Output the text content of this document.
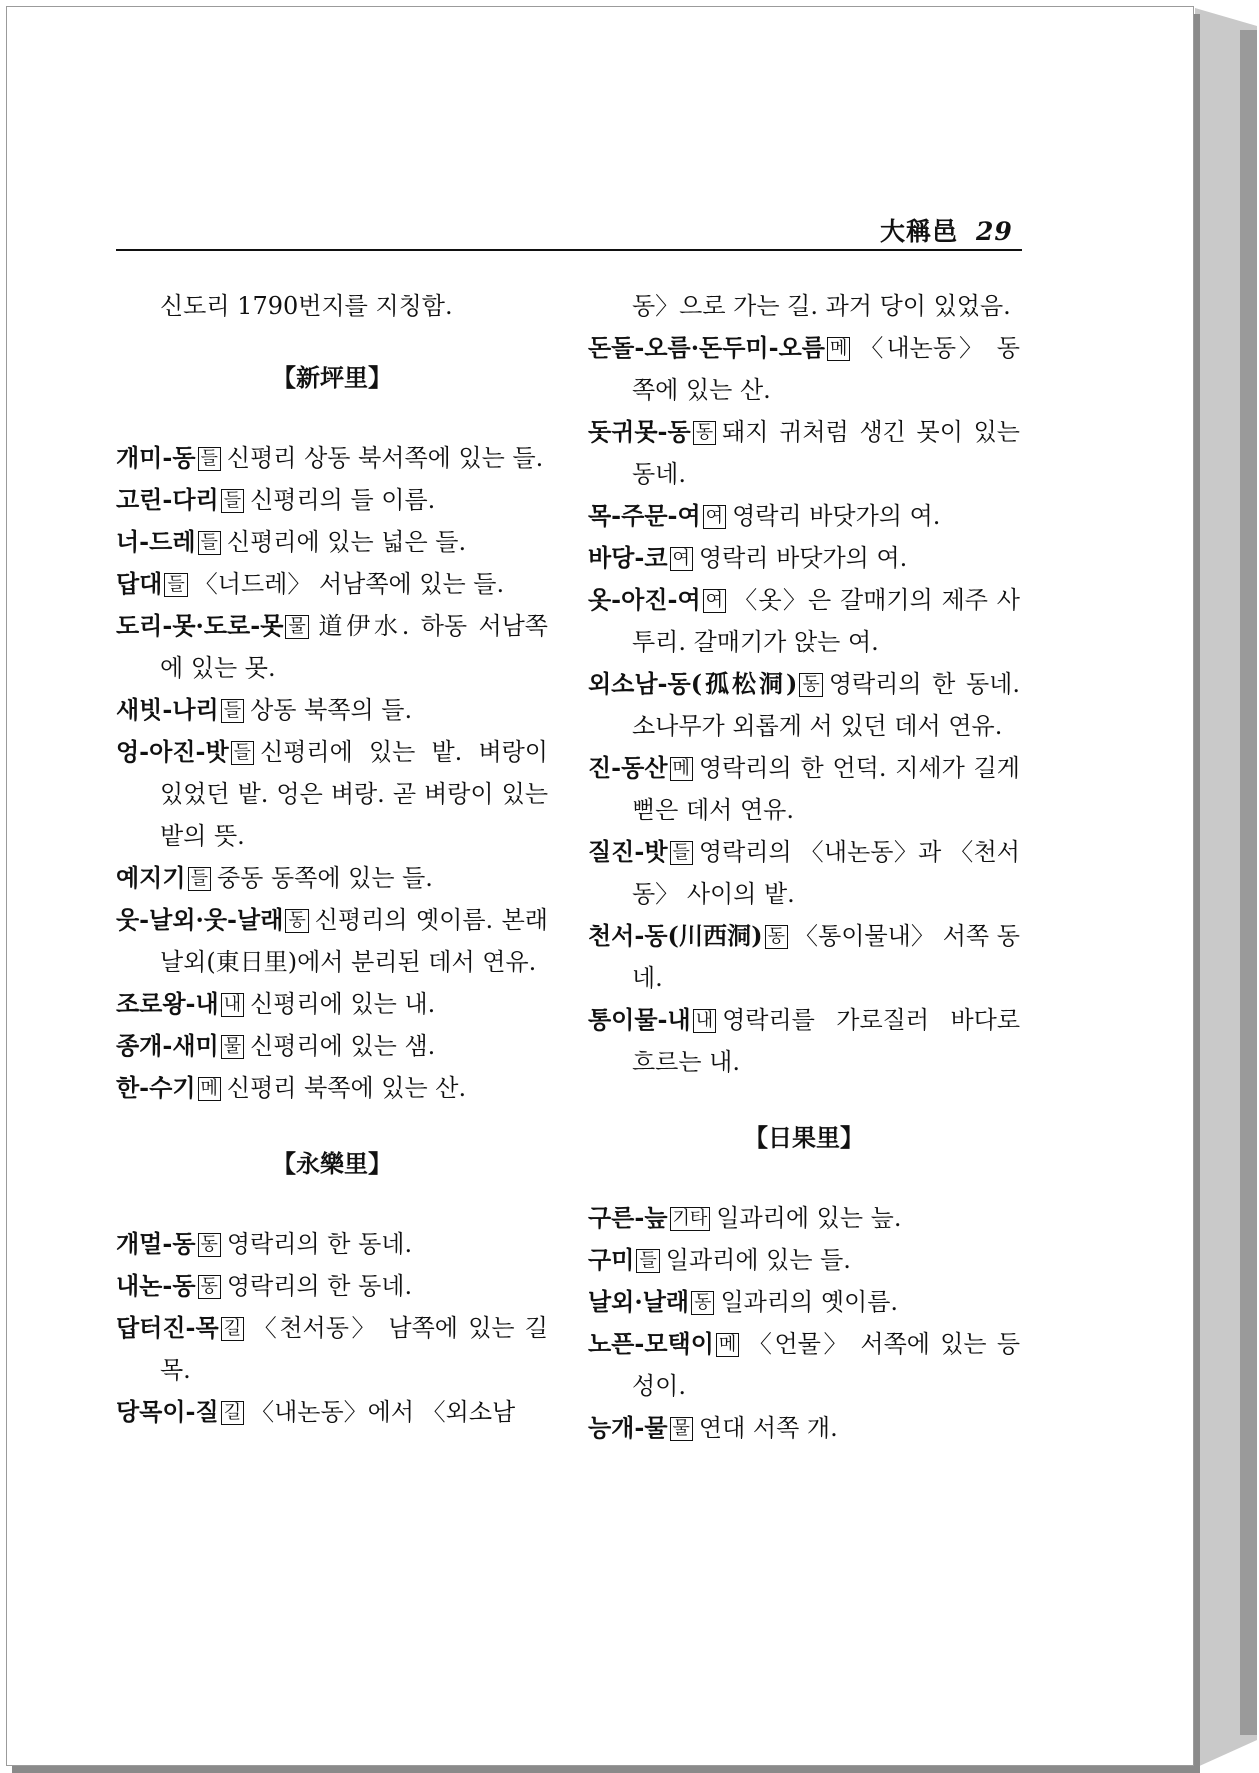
大稱邑 29
신도리 1790번지를 지칭함.
【新坪里】
개미-동 들 신평리 상동 북서쪽에 있는 들.
고린-다리 들 신평리의 들 이름.
너-드레 들 신평리에 있는 넓은 들.
답대 들 〈너드레〉 서남쪽에 있는 들.
도리-못·도로-못 물 道伊水. 하동 서남쪽에 있는 못.
새빗-나리 들 상동 북쪽의 들.
엉-아진-밧 들 신평리에 있는 밭. 벼랑이 있었던 밭. 엉은 벼랑. 곧 벼랑이 있는 밭의 뜻.
예지기 들 중동 동쪽에 있는 들.
웃-날외·웃-날래 동 신평리의 옛이름. 본래 날외(東日里)에서 분리된 데서 연유.
조로왕-내 내 신평리에 있는 내.
종개-새미 물 신평리에 있는 샘.
한-수기 메 신평리 북쪽에 있는 산.
【永樂里】
개멀-동 동 영락리의 한 동네.
내논-동 동 영락리의 한 동네.
답터진-목 길 〈천서동〉 남쪽에 있는 길목.
당목이-질 길 〈내논동〉에서 〈외소남
동〉으로 가는 길. 과거 당이 있었음.
돈돌-오름·돈두미-오름 메 〈내논동〉 동쪽에 있는 산.
돗귀못-동 동 돼지 귀처럼 생긴 못이 있는 동네.
목-주문-여 여 영락리 바닷가의 여.
바당-코 여 영락리 바닷가의 여.
옷-아진-여 여 〈옷〉은 갈매기의 제주 사투리. 갈매기가 앉는 여.
외소남-동(孤松洞) 동 영락리의 한 동네. 소나무가 외롭게 서 있던 데서 연유.
진-동산 메 영락리의 한 언덕. 지세가 길게 뻗은 데서 연유.
질진-밧 들 영락리의 〈내논동〉과 〈천서동〉 사이의 밭.
천서-동(川西洞) 동 〈통이물내〉 서쪽 동네.
통이물-내 내 영락리를 가로질러 바다로 흐르는 내.
【日果里】
구른-늪 기타 일과리에 있는 늪.
구미 들 일과리에 있는 들.
날외·날래 동 일과리의 옛이름.
노픈-모택이 메 〈언물〉 서쪽에 있는 등성이.
능개-물 물 연대 서쪽 개.
